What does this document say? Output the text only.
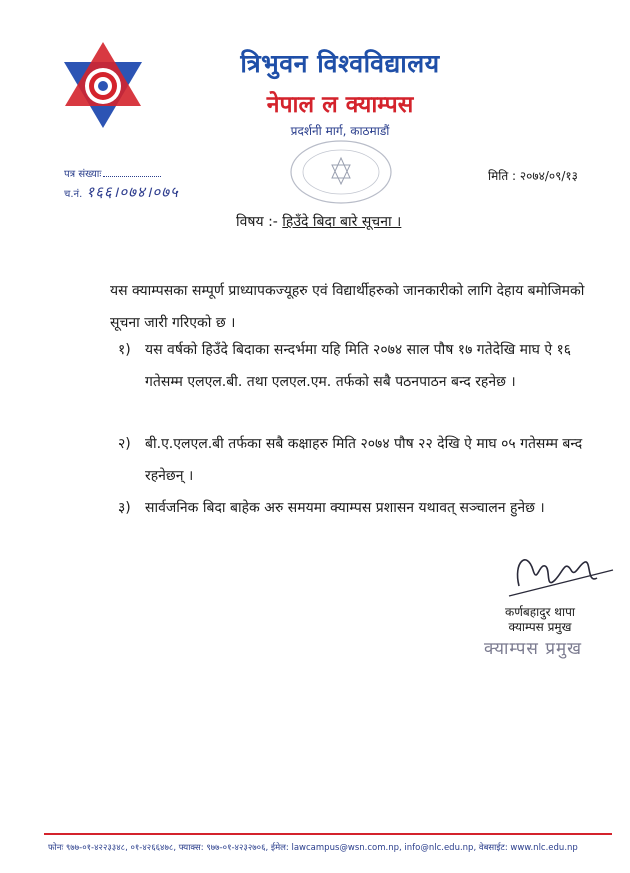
त्रिभुवन विश्वविद्यालय
नेपाल ल क्याम्पस
प्रदर्शनी मार्ग, काठमाडौं
पत्र संख्याः
च.नं. १६६।०७४।०७५
मिति : २०७४/०९/१३
विषय :- हिउँदे बिदा बारे सूचना ।
यस क्याम्पसका सम्पूर्ण प्राध्यापकज्यूहरु एवं विद्यार्थीहरुको जानकारीको लागि देहाय बमोजिमको सूचना जारी गरिएको छ ।
१) यस वर्षको हिउँदे बिदाका सन्दर्भमा यहि मिति २०७४ साल पौष १७ गतेदेखि माघ ऐ १६ गतेसम्म एलएल.बी. तथा एलएल.एम. तर्फको सबै पठनपाठन बन्द रहनेछ ।
२) बी.ए.एलएल.बी तर्फका सबै कक्षाहरु मिति २०७४ पौष २२ देखि ऐ माघ ०५ गतेसम्म बन्द रहनेछन् ।
३) सार्वजनिक बिदा बाहेक अरु समयमा क्याम्पस प्रशासन यथावत् सञ्चालन हुनेछ ।
कर्णबहादुर थापा
क्याम्पस प्रमुख
क्याम्पस प्रमुख
फोनः ९७७-०१-४२२३३४८, ०१-४२६६४७८, फ्याक्स: ९७७-०१-४२३२७०६, ईमेल: lawcampus@wsn.com.np, info@nlc.edu.np, वेबसाईट: www.nlc.edu.np
